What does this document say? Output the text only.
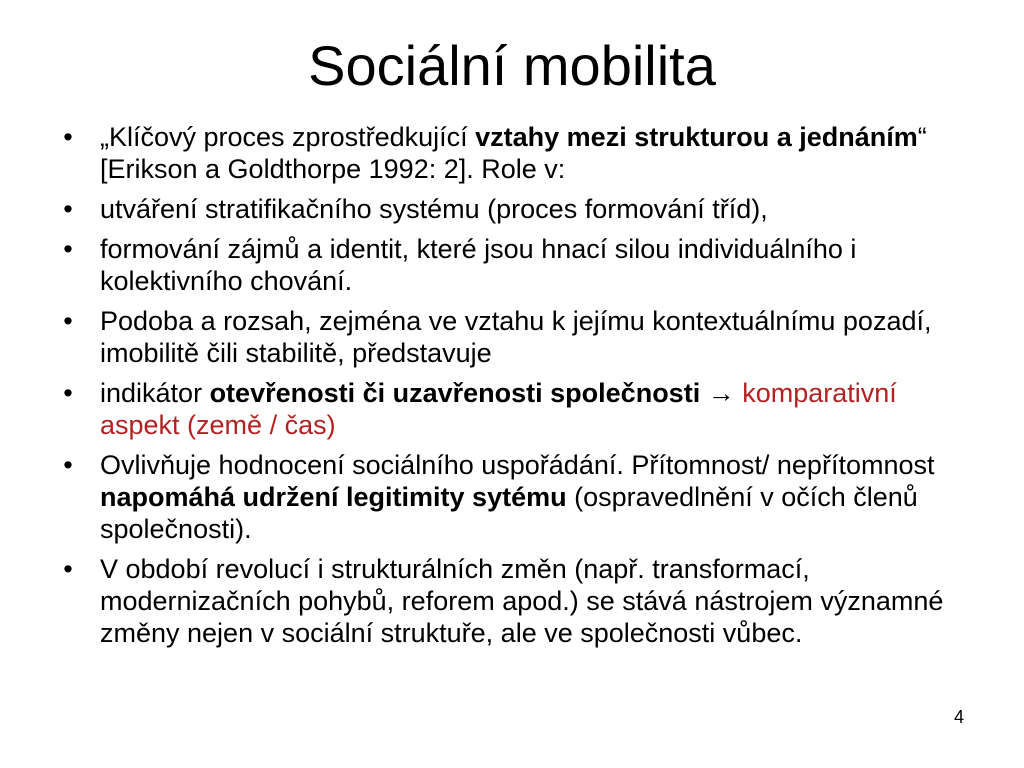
Sociální mobilita
• „Klíčový proces zprostředkující vztahy mezi strukturou a jednáním“ [Erikson a Goldthorpe 1992: 2]. Role v:
• utváření stratifikačního systému (proces formování tříd),
• formování zájmů a identit, které jsou hnací silou individuálního i kolektivního chování.
• Podoba a rozsah, zejména ve vztahu k jejímu kontextuálnímu pozadí, imobilitě čili stabilitě, představuje
• indikátor otevřenosti či uzavřenosti společnosti → komparativní aspekt (země / čas)
• Ovlivňuje hodnocení sociálního uspořádání. Přítomnost/ nepřítomnost napomáhá udržení legitimity sytému (ospravedlnění v očích členů společnosti).
• V období revolucí i strukturálních změn (např. transformací, modernizačních pohybů, reforem apod.) se stává nástrojem významné změny nejen v sociální struktuře, ale ve společnosti vůbec.
4
